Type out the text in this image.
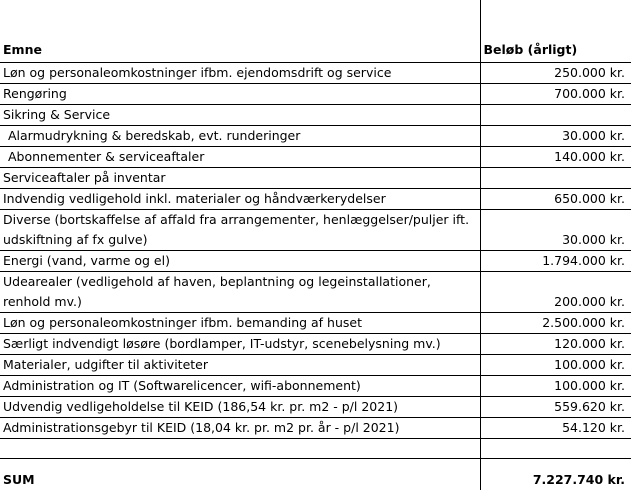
Emne	Beløb (årligt)
Løn og personaleomkostninger ifbm. ejendomsdrift og service	250.000 kr.
Rengøring	700.000 kr.
Sikring & Service	
Alarmudrykning & beredskab, evt. runderinger	30.000 kr.
Abonnementer & serviceaftaler	140.000 kr.
Serviceaftaler på inventar	
Indvendig vedligehold inkl. materialer og håndværkerydelser	650.000 kr.
Diverse (bortskaffelse af affald fra arrangementer, henlæggelser/puljer ift. udskiftning af fx gulve)	30.000 kr.
Energi (vand, varme og el)	1.794.000 kr.
Udearealer (vedligehold af haven, beplantning og legeinstallationer, renhold mv.)	200.000 kr.
Løn og personaleomkostninger ifbm. bemanding af huset	2.500.000 kr.
Særligt indvendigt løsøre (bordlamper, IT-udstyr, scenebelysning mv.)	120.000 kr.
Materialer, udgifter til aktiviteter	100.000 kr.
Administration og IT (Softwarelicencer, wifi-abonnement)	100.000 kr.
Udvendig vedligeholdelse til KEID (186,54 kr. pr. m2 - p/l 2021)	559.620 kr.
Administrationsgebyr til KEID (18,04 kr. pr. m2 pr. år - p/l 2021)	54.120 kr.

SUM	7.227.740 kr.
